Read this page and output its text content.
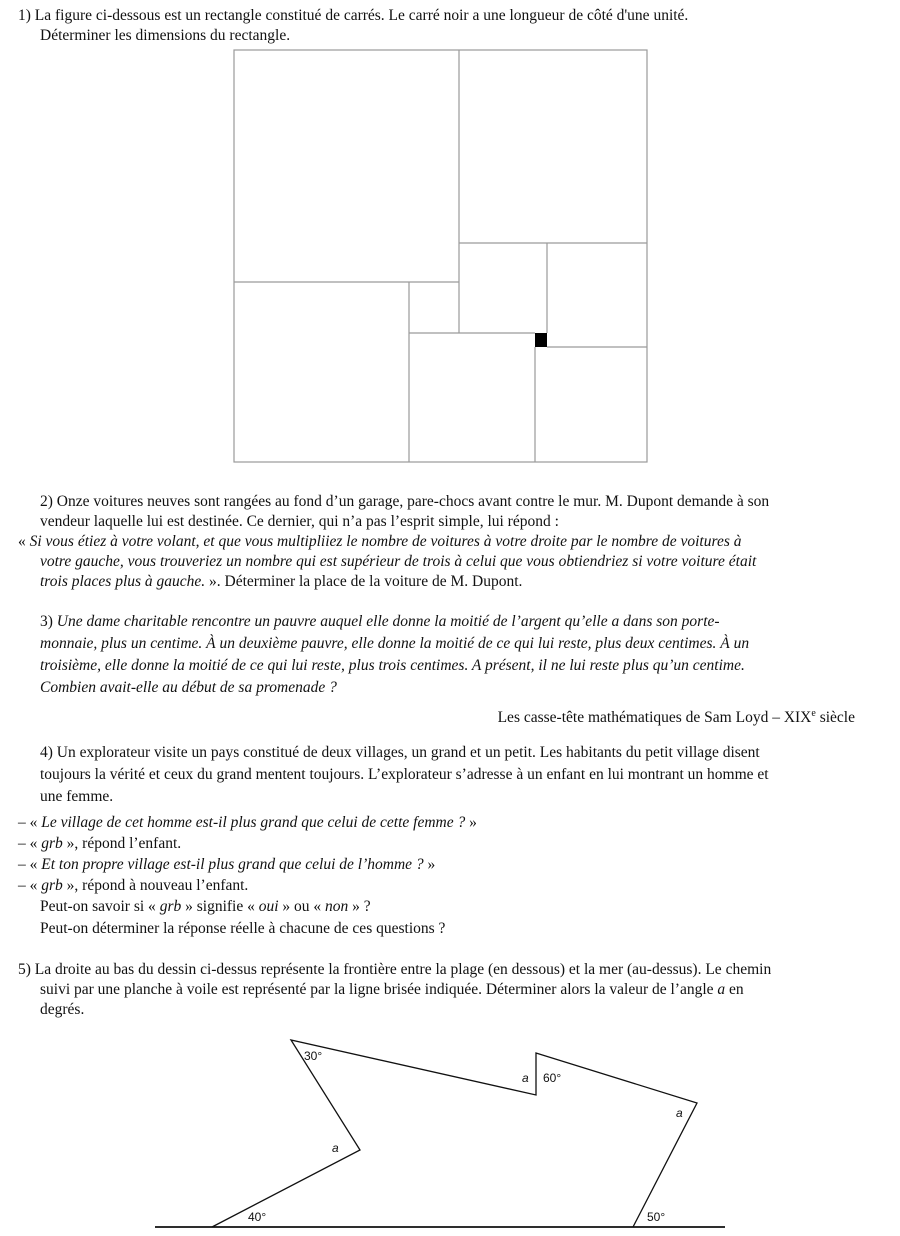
1) La figure ci-dessous est un rectangle constitué de carrés. Le carré noir a une longueur de côté d'une unité.
Déterminer les dimensions du rectangle.
2) Onze voitures neuves sont rangées au fond d’un garage, pare-chocs avant contre le mur. M. Dupont demande à son
vendeur laquelle lui est destinée. Ce dernier, qui n’a pas l’esprit simple, lui répond :
« Si vous étiez à votre volant, et que vous multipliiez le nombre de voitures à votre droite par le nombre de voitures à
votre gauche, vous trouveriez un nombre qui est supérieur de trois à celui que vous obtiendriez si votre voiture était
trois places plus à gauche. ». Déterminer la place de la voiture de M. Dupont.
3) Une dame charitable rencontre un pauvre auquel elle donne la moitié de l’argent qu’elle a dans son porte-
monnaie, plus un centime. À un deuxième pauvre, elle donne la moitié de ce qui lui reste, plus deux centimes. À un
troisième, elle donne la moitié de ce qui lui reste, plus trois centimes. A présent, il ne lui reste plus qu’un centime.
Combien avait-elle au début de sa promenade ?
Les casse-tête mathématiques de Sam Loyd – XIXe siècle
4) Un explorateur visite un pays constitué de deux villages, un grand et un petit. Les habitants du petit village disent
toujours la vérité et ceux du grand mentent toujours. L’explorateur s’adresse à un enfant en lui montrant un homme et
une femme.
– « Le village de cet homme est-il plus grand que celui de cette femme ? »
– « grb », répond l’enfant.
– « Et ton propre village est-il plus grand que celui de l’homme ? »
– « grb », répond à nouveau l’enfant.
Peut-on savoir si « grb » signifie « oui » ou « non » ?
Peut-on déterminer la réponse réelle à chacune de ces questions ?
5) La droite au bas du dessin ci-dessus représente la frontière entre la plage (en dessous) et la mer (au-dessus). Le chemin
suivi par une planche à voile est représenté par la ligne brisée indiquée. Déterminer alors la valeur de l’angle a en
degrés.
30°
a
a 60°
a
40°	50°
